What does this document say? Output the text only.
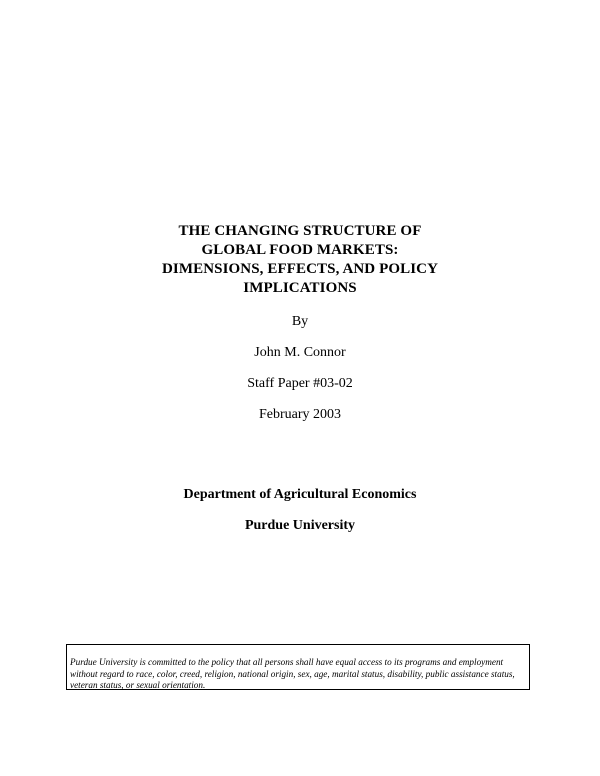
THE CHANGING STRUCTURE OF
GLOBAL FOOD MARKETS:
DIMENSIONS, EFFECTS, AND POLICY
IMPLICATIONS
By
John M. Connor
Staff Paper #03-02
February 2003
Department of Agricultural Economics
Purdue University
Purdue University is committed to the policy that all persons shall have equal access to its programs and employment without regard to race, color, creed, religion, national origin, sex, age, marital status, disability, public assistance status, veteran status, or sexual orientation.
